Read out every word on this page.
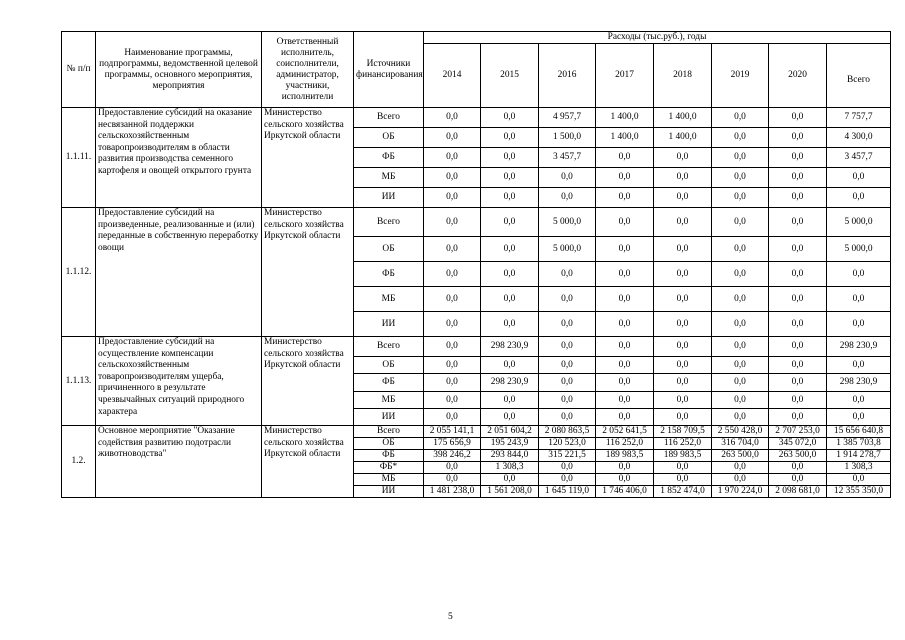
№ п/п	Наименование программы, подпрограммы, ведомственной целевой программы, основного мероприятия, мероприятия	Ответственный исполнитель, соисполнители, администратор, участники, исполнители	Источники финансирования	Расходы (тыс.руб.), годы							
				2014	2015	2016	2017	2018	2019	2020	Всего
1.1.11.	Предоставление субсидий на оказание несвязанной поддержки сельскохозяйственным товаропроизводителям в области развития производства семенного картофеля и овощей открытого грунта	Министерство сельского хозяйства Иркутской области	Всего	0,0	0,0	4 957,7	1 400,0	1 400,0	0,0	0,0	7 757,7
			ОБ	0,0	0,0	1 500,0	1 400,0	1 400,0	0,0	0,0	4 300,0
			ФБ	0,0	0,0	3 457,7	0,0	0,0	0,0	0,0	3 457,7
			МБ	0,0	0,0	0,0	0,0	0,0	0,0	0,0	0,0
			ИИ	0,0	0,0	0,0	0,0	0,0	0,0	0,0	0,0
1.1.12.	Предоставление субсидий на произведенные, реализованные и (или) переданные в собственную переработку овощи	Министерство сельского хозяйства Иркутской области	Всего	0,0	0,0	5 000,0	0,0	0,0	0,0	0,0	5 000,0
			ОБ	0,0	0,0	5 000,0	0,0	0,0	0,0	0,0	5 000,0
			ФБ	0,0	0,0	0,0	0,0	0,0	0,0	0,0	0,0
			МБ	0,0	0,0	0,0	0,0	0,0	0,0	0,0	0,0
			ИИ	0,0	0,0	0,0	0,0	0,0	0,0	0,0	0,0
1.1.13.	Предоставление субсидий на осуществление компенсации сельскохозяйственным товаропроизводителям ущерба, причиненного в результате чрезвычайных ситуаций природного характера	Министерство сельского хозяйства Иркутской области	Всего	0,0	298 230,9	0,0	0,0	0,0	0,0	0,0	298 230,9
			ОБ	0,0	0,0	0,0	0,0	0,0	0,0	0,0	0,0
			ФБ	0,0	298 230,9	0,0	0,0	0,0	0,0	0,0	298 230,9
			МБ	0,0	0,0	0,0	0,0	0,0	0,0	0,0	0,0
			ИИ	0,0	0,0	0,0	0,0	0,0	0,0	0,0	0,0
1.2.	Основное мероприятие "Оказание содействия развитию подотрасли животноводства"	Министерство сельского хозяйства Иркутской области	Всего	2 055 141,1	2 051 604,2	2 080 863,5	2 052 641,5	2 158 709,5	2 550 428,0	2 707 253,0	15 656 640,8
			ОБ	175 656,9	195 243,9	120 523,0	116 252,0	116 252,0	316 704,0	345 072,0	1 385 703,8
			ФБ	398 246,2	293 844,0	315 221,5	189 983,5	189 983,5	263 500,0	263 500,0	1 914 278,7
			ФБ*	0,0	1 308,3	0,0	0,0	0,0	0,0	0,0	1 308,3
			МБ	0,0	0,0	0,0	0,0	0,0	0,0	0,0	0,0
			ИИ	1 481 238,0	1 561 208,0	1 645 119,0	1 746 406,0	1 852 474,0	1 970 224,0	2 098 681,0	12 355 350,0
5
